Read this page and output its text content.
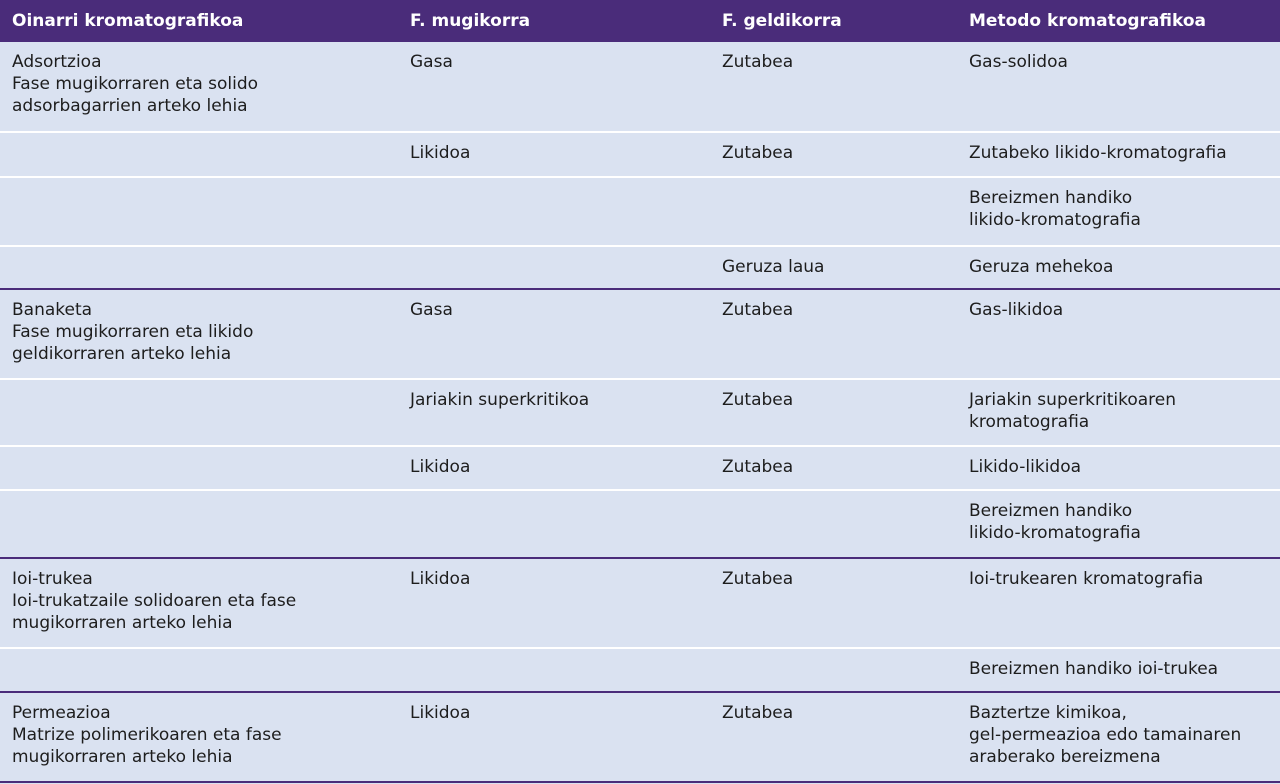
Oinarri kromatografikoa	F. mugikorra	F. geldikorra	Metodo kromatografikoa

Adsortzioa
Fase mugikorraren eta solido
adsorbagarrien arteko lehia	Gasa	Zutabea	Gas-solidoa

	Likidoa	Zutabea	Zutabeko likido-kromatografia

			Bereizmen handiko
likido-kromatografia

		Geruza laua	Geruza mehekoa

Banaketa
Fase mugikorraren eta likido
geldikorraren arteko lehia	Gasa	Zutabea	Gas-likidoa

	Jariakin superkritikoa	Zutabea	Jariakin superkritikoaren
kromatografia

	Likidoa	Zutabea	Likido-likidoa

			Bereizmen handiko
likido-kromatografia

Ioi-trukea
Ioi-trukatzaile solidoaren eta fase
mugikorraren arteko lehia	Likidoa	Zutabea	Ioi-trukearen kromatografia

			Bereizmen handiko ioi-trukea

Permeazioa
Matrize polimerikoaren eta fase
mugikorraren arteko lehia	Likidoa	Zutabea	Baztertze kimikoa,
gel-permeazioa edo tamainaren
araberako bereizmena
